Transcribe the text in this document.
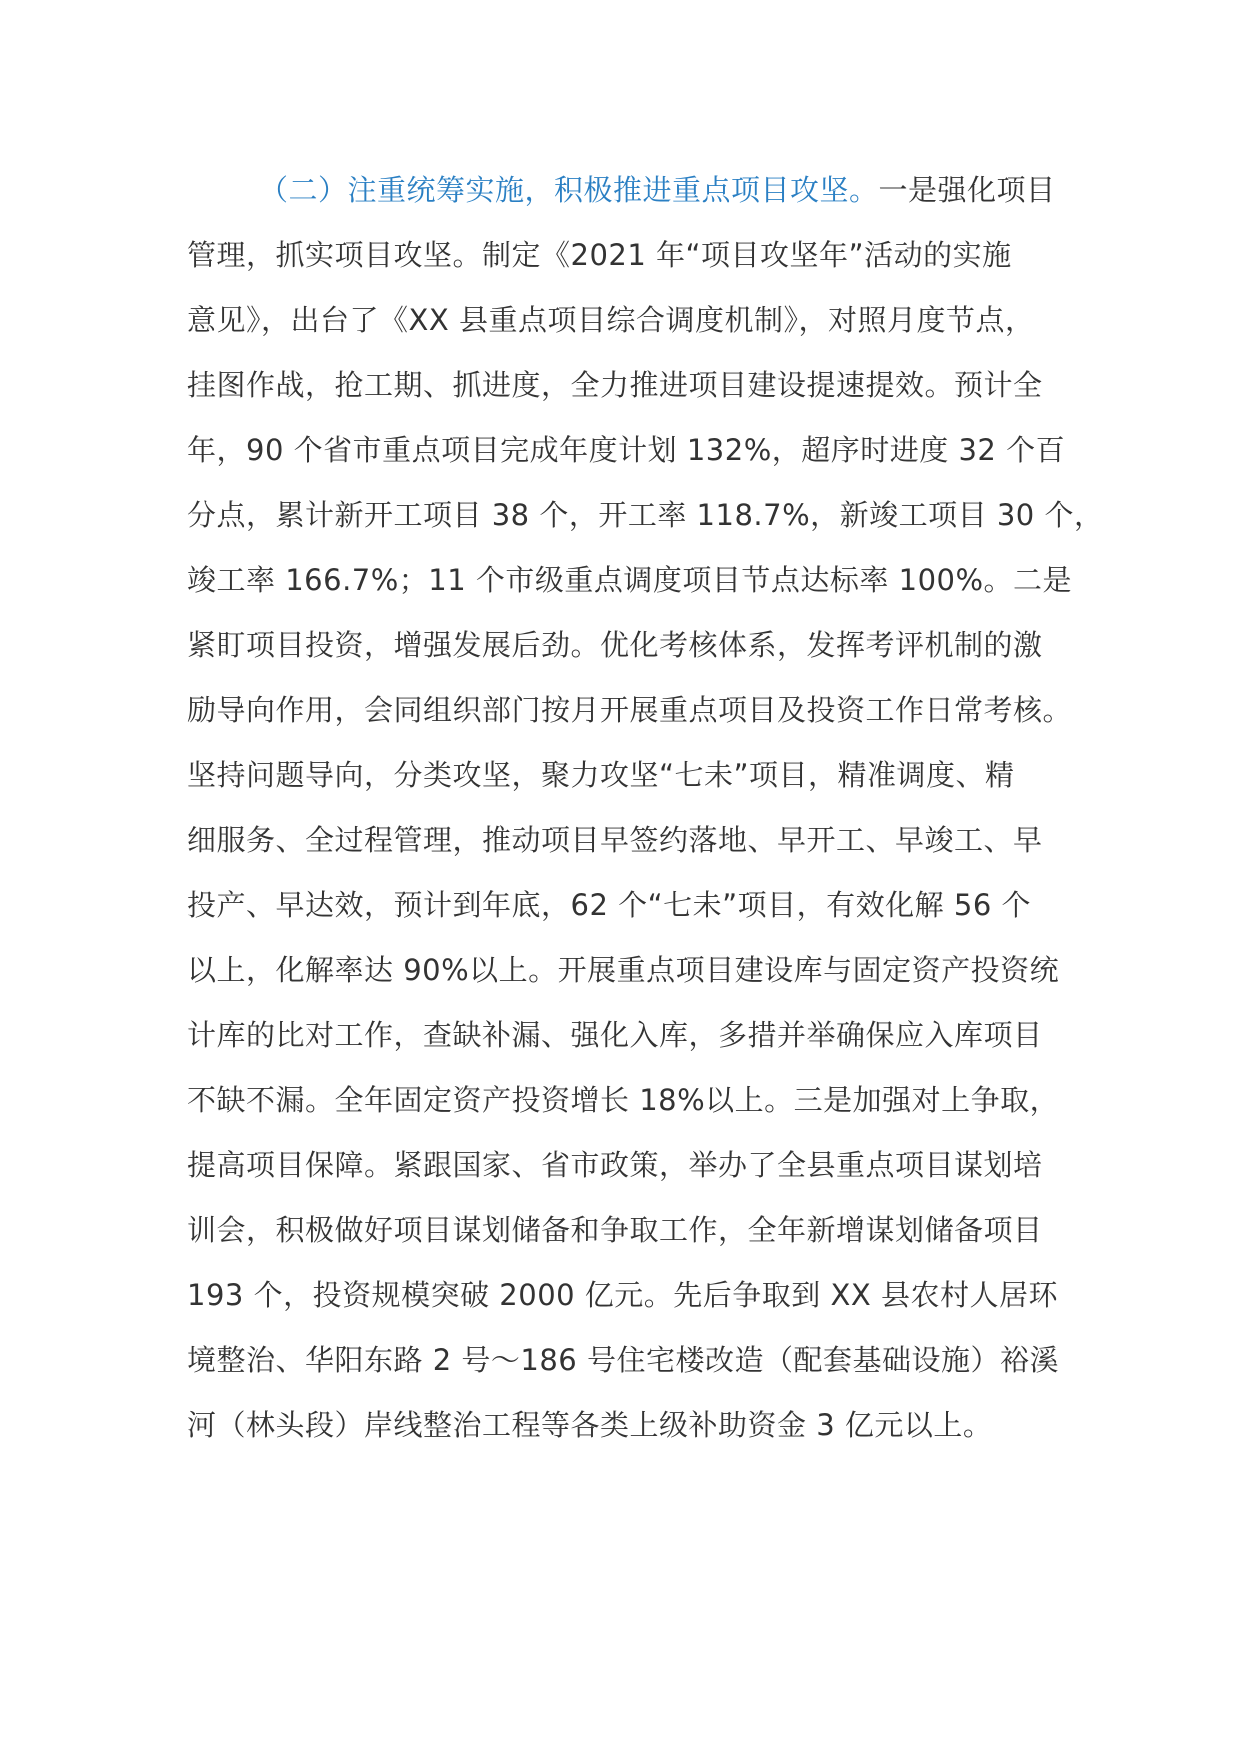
（二）注重统筹实施，积极推进重点项目攻坚。一是强化项目
管理，抓实项目攻坚。制定《2021 年“项目攻坚年”活动的实施
意见》，出台了《XX 县重点项目综合调度机制》，对照月度节点，
挂图作战，抢工期、抓进度，全力推进项目建设提速提效。预计全
年，90 个省市重点项目完成年度计划 132%，超序时进度 32 个百
分点，累计新开工项目 38 个，开工率 118.7%，新竣工项目 30 个，
竣工率 166.7%；11 个市级重点调度项目节点达标率 100%。二是
紧盯项目投资，增强发展后劲。优化考核体系，发挥考评机制的激
励导向作用，会同组织部门按月开展重点项目及投资工作日常考核。
坚持问题导向，分类攻坚，聚力攻坚“七未”项目，精准调度、精
细服务、全过程管理，推动项目早签约落地、早开工、早竣工、早
投产、早达效，预计到年底，62 个“七未”项目，有效化解 56 个
以上，化解率达 90%以上。开展重点项目建设库与固定资产投资统
计库的比对工作，查缺补漏、强化入库，多措并举确保应入库项目
不缺不漏。全年固定资产投资增长 18%以上。三是加强对上争取，
提高项目保障。紧跟国家、省市政策，举办了全县重点项目谋划培
训会，积极做好项目谋划储备和争取工作，全年新增谋划储备项目
193 个，投资规模突破 2000 亿元。先后争取到 XX 县农村人居环
境整治、华阳东路 2 号～186 号住宅楼改造（配套基础设施）裕溪
河（林头段）岸线整治工程等各类上级补助资金 3 亿元以上。
